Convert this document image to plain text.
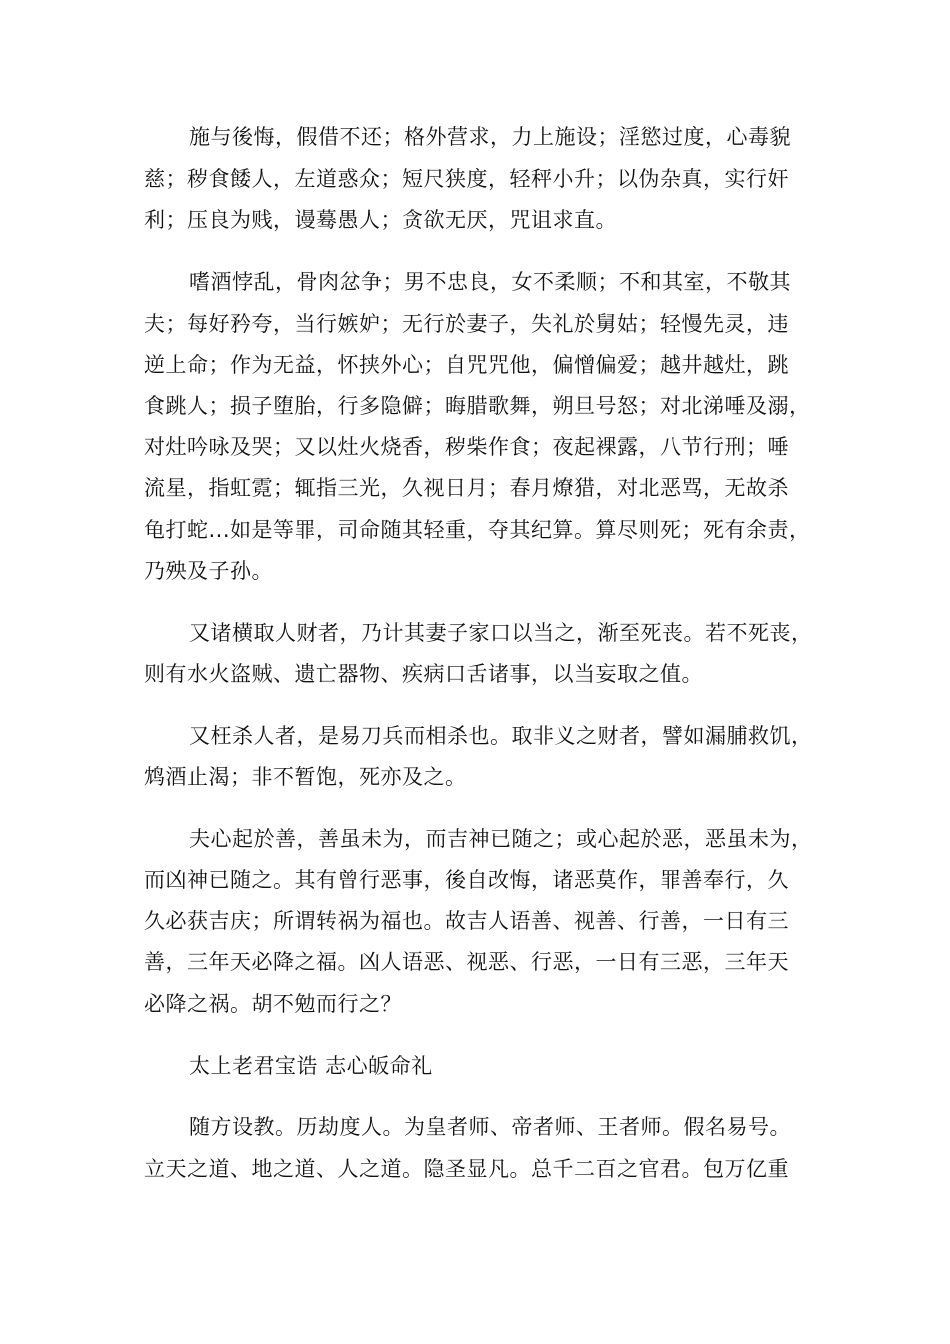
施与後悔，假借不还；格外营求，力上施设；淫慾过度，心毒貌
慈；秽食餧人，左道惑众；短尺狭度，轻秤小升；以伪杂真，实行奸
利；压良为贱，谩蓦愚人；贪欲无厌，咒诅求直。
嗜酒悖乱，骨肉忿争；男不忠良，女不柔顺；不和其室，不敬其
夫；每好矜夸，当行嫉妒；无行於妻子，失礼於舅姑；轻慢先灵，违
逆上命；作为无益，怀挟外心；自咒咒他，偏憎偏爱；越井越灶，跳
食跳人；损子堕胎，行多隐僻；晦腊歌舞，朔旦号怒；对北涕唾及溺，
对灶吟咏及哭；又以灶火烧香，秽柴作食；夜起裸露，八节行刑；唾
流星，指虹霓；辄指三光，久视日月；春月燎猎，对北恶骂，无故杀
龟打蛇...如是等罪，司命随其轻重，夺其纪算。算尽则死；死有余责，
乃殃及子孙。
又诸横取人财者，乃计其妻子家口以当之，渐至死丧。若不死丧，
则有水火盗贼、遗亡器物、疾病口舌诸事，以当妄取之值。
又枉杀人者，是易刀兵而相杀也。取非义之财者，譬如漏脯救饥，
鸩酒止渴；非不暂饱，死亦及之。
夫心起於善，善虽未为，而吉神已随之；或心起於恶，恶虽未为，
而凶神已随之。其有曾行恶事，後自改悔，诸恶莫作，罪善奉行，久
久必获吉庆；所谓转祸为福也。故吉人语善、视善、行善，一日有三
善，三年天必降之福。凶人语恶、视恶、行恶，一日有三恶，三年天
必降之祸。胡不勉而行之？
太上老君宝诰 志心皈命礼
随方设教。历劫度人。为皇者师、帝者师、王者师。假名易号。
立天之道、地之道、人之道。隐圣显凡。总千二百之官君。包万亿重
